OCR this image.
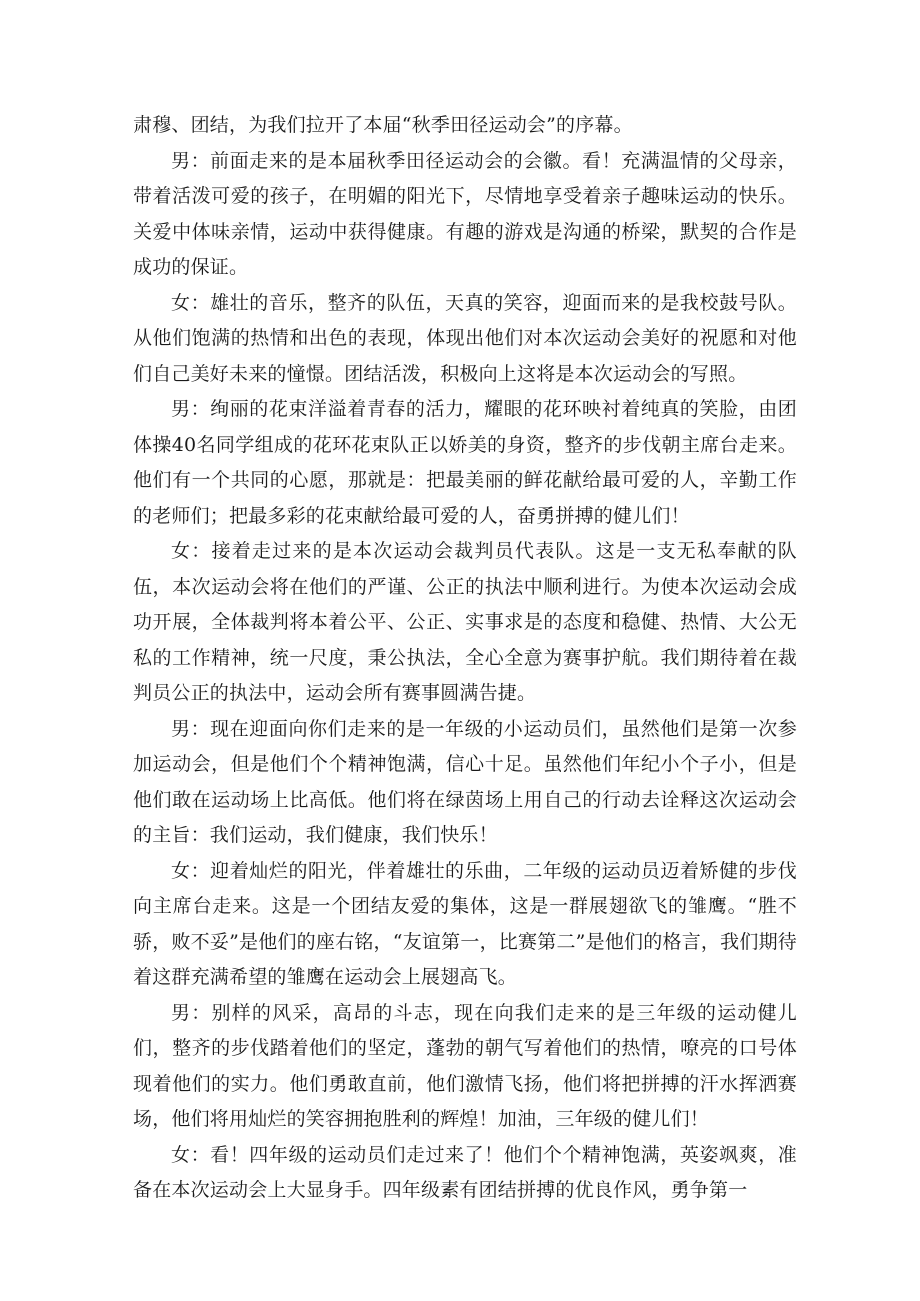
肃穆、团结，为我们拉开了本届“秋季田径运动会”的序幕。

男：前面走来的是本届秋季田径运动会的会徽。看！充满温情的父母亲，带着活泼可爱的孩子，在明媚的阳光下，尽情地享受着亲子趣味运动的快乐。关爱中体味亲情，运动中获得健康。有趣的游戏是沟通的桥梁，默契的合作是成功的保证。

女：雄壮的音乐，整齐的队伍，天真的笑容，迎面而来的是我校鼓号队。从他们饱满的热情和出色的表现，体现出他们对本次运动会美好的祝愿和对他们自己美好未来的憧憬。团结活泼，积极向上这将是本次运动会的写照。

男：绚丽的花束洋溢着青春的活力，耀眼的花环映衬着纯真的笑脸，由团体操40名同学组成的花环花束队正以娇美的身资，整齐的步伐朝主席台走来。他们有一个共同的心愿，那就是：把最美丽的鲜花献给最可爱的人，辛勤工作的老师们；把最多彩的花束献给最可爱的人，奋勇拼搏的健儿们！

女：接着走过来的是本次运动会裁判员代表队。这是一支无私奉献的队伍，本次运动会将在他们的严谨、公正的执法中顺利进行。为使本次运动会成功开展，全体裁判将本着公平、公正、实事求是的态度和稳健、热情、大公无私的工作精神，统一尺度，秉公执法，全心全意为赛事护航。我们期待着在裁判员公正的执法中，运动会所有赛事圆满告捷。

男：现在迎面向你们走来的是一年级的小运动员们，虽然他们是第一次参加运动会，但是他们个个精神饱满，信心十足。虽然他们年纪小个子小，但是他们敢在运动场上比高低。他们将在绿茵场上用自己的行动去诠释这次运动会的主旨：我们运动，我们健康，我们快乐！

女：迎着灿烂的阳光，伴着雄壮的乐曲，二年级的运动员迈着矫健的步伐向主席台走来。这是一个团结友爱的集体，这是一群展翅欲飞的雏鹰。“胜不骄，败不妥”是他们的座右铭，“友谊第一，比赛第二”是他们的格言，我们期待着这群充满希望的雏鹰在运动会上展翅高飞。

男：别样的风采，高昂的斗志，现在向我们走来的是三年级的运动健儿们，整齐的步伐踏着他们的坚定，蓬勃的朝气写着他们的热情，嘹亮的口号体现着他们的实力。他们勇敢直前，他们激情飞扬，他们将把拼搏的汗水挥洒赛场，他们将用灿烂的笑容拥抱胜利的辉煌！加油，三年级的健儿们！

女：看！四年级的运动员们走过来了！他们个个精神饱满，英姿飒爽，准备在本次运动会上大显身手。四年级素有团结拼搏的优良作风，勇争第一
